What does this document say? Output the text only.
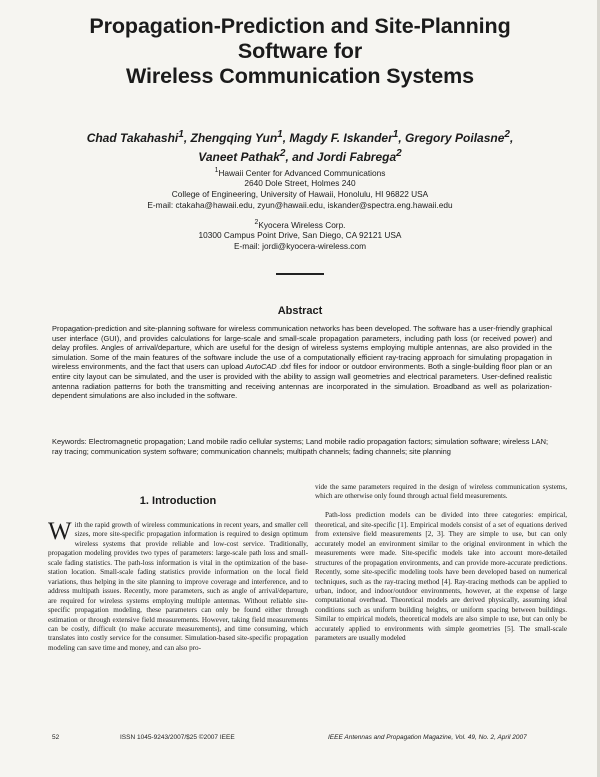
Propagation-Prediction and Site-Planning
Software for
Wireless Communication Systems
Chad Takahashi$^1$, Zhengqing Yun$^1$, Magdy F. Iskander$^1$, Gregory Poilasne$^2$,
Vaneet Pathak$^2$, and Jordi Fabrega$^2$
$^1$Hawaii Center for Advanced Communications
2640 Dole Street, Holmes 240
College of Engineering, University of Hawaii, Honolulu, HI 96822 USA
E-mail: ctakaha@hawaii.edu, zyun@hawaii.edu, iskander@spectra.eng.hawaii.edu
$^2$Kyocera Wireless Corp.
10300 Campus Point Drive, San Diego, CA 92121 USA
E-mail: jordi@kyocera-wireless.com
Abstract
Propagation-prediction and site-planning software for wireless communication networks has been developed. The software has a user-friendly graphical user interface (GUI), and provides calculations for large-scale and small-scale propagation parameters, including path loss (or received power) and delay profiles. Angles of arrival/departure, which are useful for the design of wireless systems employing multiple antennas, are also provided in the simulation. Some of the main features of the software include the use of a computationally efficient ray-tracing approach for simulating propagation in wireless environments, and the fact that users can upload AutoCAD .dxf files for indoor or outdoor environments. Both a single-building floor plan or an entire city layout can be simulated, and the user is provided with the ability to assign wall geometries and electrical parameters. User-defined realistic antenna radiation patterns for both the transmitting and receiving antennas are incorporated in the simulation. Broadband as well as polarization-dependent simulations are also included in the software.
Keywords: Electromagnetic propagation; Land mobile radio cellular systems; Land mobile radio propagation factors; simulation software; wireless LAN; ray tracing; communication system software; communication channels; multipath channels; fading channels; site planning
1. Introduction

With the rapid growth of wireless communications in recent years, and smaller cell sizes, more site-specific propagation information is required to design optimum wireless systems that provide reliable and low-cost service. Traditionally, propagation modeling provides two types of parameters: large-scale path loss and small-scale fading statistics. The path-loss information is vital in the optimization of the base-station location. Small-scale fading statistics provide information on the local field variations, thus helping in the site planning to improve coverage and interference, and to address multipath issues. Recently, more parameters, such as angle of arrival/departure, are required for wireless systems employing multiple antennas. Without reliable site-specific propagation modeling, these parameters can only be found either through estimation or through extensive field measurements. However, taking field measurements can be costly, difficult (to make accurate measurements), and time consuming, which translates into costly service for the consumer. Simulation-based site-specific propagation modeling can save time and money, and can also pro-

vide the same parameters required in the design of wireless communication systems, which are otherwise only found through actual field measurements.

Path-loss prediction models can be divided into three categories: empirical, theoretical, and site-specific [1]. Empirical models consist of a set of equations derived from extensive field measurements [2, 3]. They are simple to use, but can only accurately model an environment similar to the original environment in which the measurements were made. Site-specific models take into account more-detailed structures of the propagation environments, and can provide more-accurate predictions. Recently, some site-specific modeling tools have been developed based on numerical techniques, such as the ray-tracing method [4]. Ray-tracing methods can be applied to urban, indoor, and indoor/outdoor environments, however, at the expense of large computational overhead. Theoretical models are derived physically, assuming ideal conditions such as uniform building heights, or uniform spacing between buildings. Similar to empirical models, theoretical models are also simple to use, but can only be accurately applied to environments with simple geometries [5]. The small-scale parameters are usually modeled

52	ISSN 1045-9243/2007/$25 ©2007 IEEE	IEEE Antennas and Propagation Magazine, Vol. 49, No. 2, April 2007
